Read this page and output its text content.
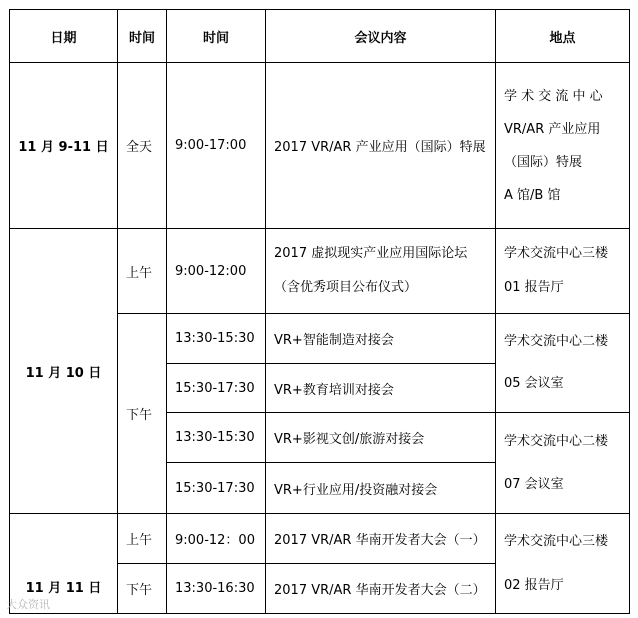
日期	时间	时间	会议内容	地点
11 月 9-11 日	全天	9:00-17:00	2017 VR/AR 产业应用（国际）特展	学 术 交 流 中 心
VR/AR 产业应用
（国际）特展
A 馆/B 馆

11 月 10 日	上午	9:00-12:00	2017 虚拟现实产业应用国际论坛
（含优秀项目公布仪式）	学术交流中心三楼
01 报告厅

	下午	13:30-15:30	VR+智能制造对接会	学术交流中心二楼
05 会议室

		15:30-17:30	VR+教育培训对接会	
		13:30-15:30	VR+影视文创/旅游对接会	学术交流中心二楼
07 会议室

		15:30-17:30	VR+行业应用/投资融对接会	
11 月 11 日	上午	9:00-12：00	2017 VR/AR 华南开发者大会（一）	学术交流中心三楼
02 报告厅

	下午	13:30-16:30	2017 VR/AR 华南开发者大会（二）	
大众资讯
